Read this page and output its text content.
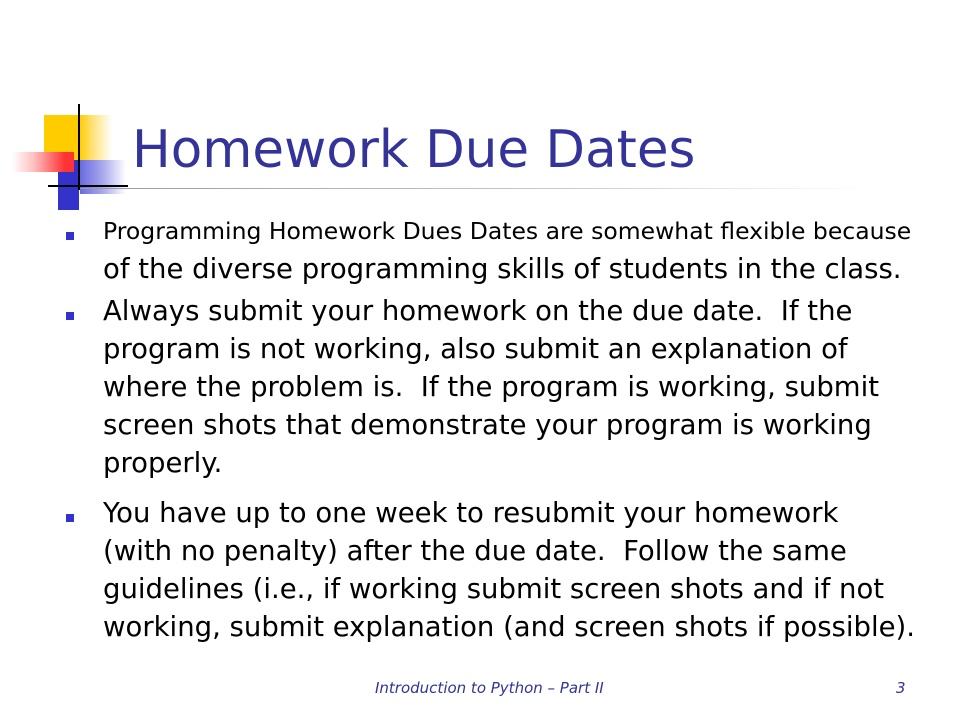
Homework Due Dates
Programming Homework Dues Dates are somewhat flexible because
of the diverse programming skills of students in the class.
Always submit your homework on the due date.  If the
program is not working, also submit an explanation of
where the problem is.  If the program is working, submit
screen shots that demonstrate your program is working
properly.
You have up to one week to resubmit your homework
(with no penalty) after the due date.  Follow the same
guidelines (i.e., if working submit screen shots and if not
working, submit explanation (and screen shots if possible).
Introduction to Python – Part II	3
